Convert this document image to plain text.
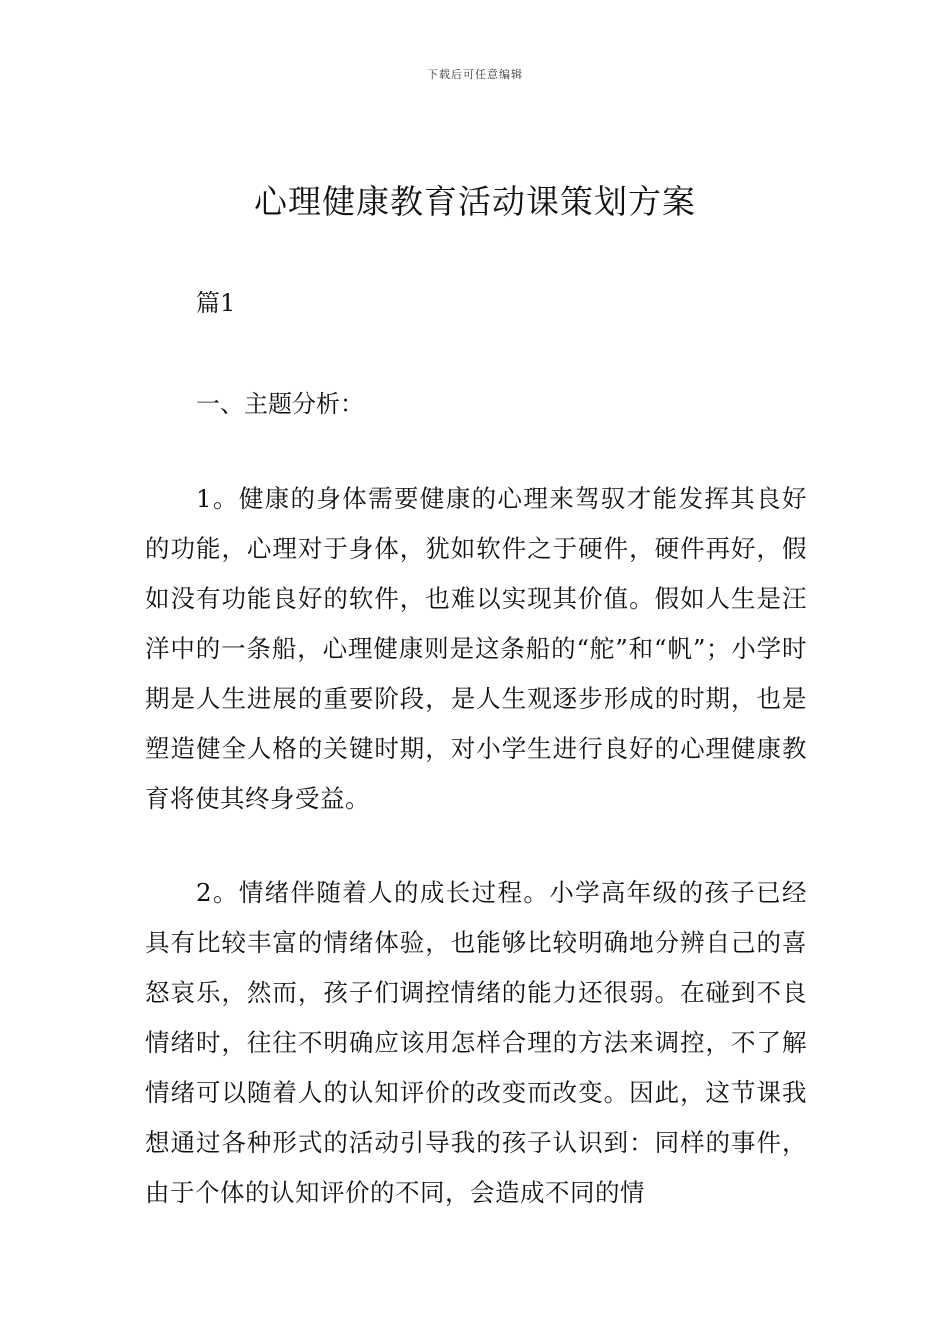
下载后可任意编辑
心理健康教育活动课策划方案

篇1

一、主题分析：

1。健康的身体需要健康的心理来驾驭才能发挥其良好的功能，心理对于身体，犹如软件之于硬件，硬件再好，假如没有功能良好的软件，也难以实现其价值。假如人生是汪洋中的一条船，心理健康则是这条船的“舵”和“帆”；小学时期是人生进展的重要阶段，是人生观逐步形成的时期，也是塑造健全人格的关键时期，对小学生进行良好的心理健康教育将使其终身受益。

2。情绪伴随着人的成长过程。小学高年级的孩子已经具有比较丰富的情绪体验，也能够比较明确地分辨自己的喜怒哀乐，然而，孩子们调控情绪的能力还很弱。在碰到不良情绪时，往往不明确应该用怎样合理的方法来调控，不了解情绪可以随着人的认知评价的改变而改变。因此，这节课我想通过各种形式的活动引导我的孩子认识到：同样的事件，由于个体的认知评价的不同，会造成不同的情
